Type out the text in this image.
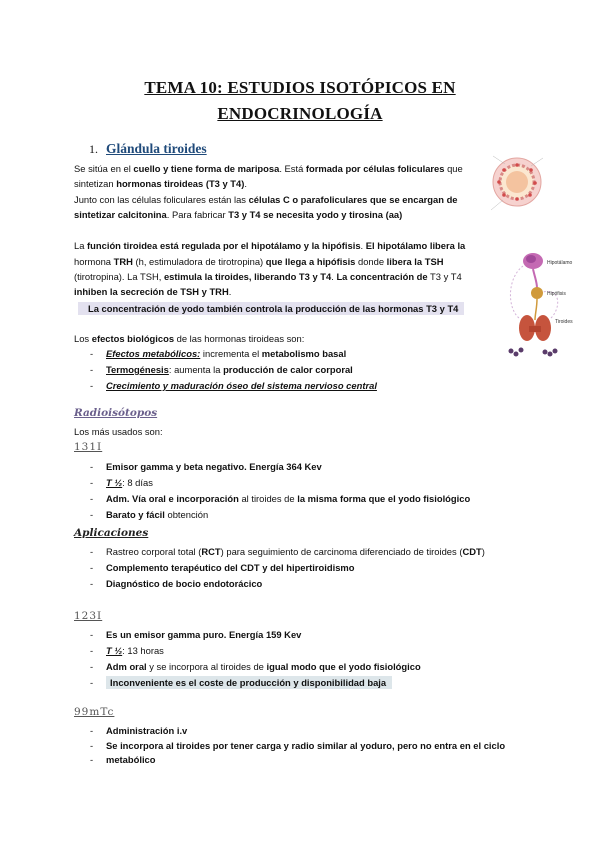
TEMA 10: ESTUDIOS ISOTÓPICOS EN
ENDOCRINOLOGÍA
1. Glándula tiroides

Se sitúa en el cuello y tiene forma de mariposa. Está formada por células foliculares que

sintetizan hormonas tiroideas (T3 y T4).

Junto con las células foliculares están las células C o parafoliculares que se encargan de

sintetizar calcitonina. Para fabricar T3 y T4 se necesita yodo y tirosina (aa)

La función tiroidea está regulada por el hipotálamo y la hipófisis. El hipotálamo libera la

hormona TRH (h, estimuladora de tirotropina) que llega a hipófisis donde libera la TSH

(tirotropina). La TSH, estimula la tiroides, liberando T3 y T4. La concentración de T3 y T4

inhiben la secreción de TSH y TRH.

La concentración de yodo también controla la producción de las hormonas T3 y T4

Los efectos biológicos de las hormonas tiroideas son:

- Efectos metabólicos: incrementa el metabolismo basal
- Termogénesis: aumenta la producción de calor corporal
- Crecimiento y maduración óseo del sistema nervioso central
Radioisótopos

Los más usados son:

131I
- Emisor gamma y beta negativo. Energía 364 Kev
- T ½: 8 días
- Adm. Vía oral e incorporación al tiroides de la misma forma que el yodo fisiológico
- Barato y fácil obtención
Aplicaciones
- Rastreo corporal total (RCT) para seguimiento de carcinoma diferenciado de tiroides (CDT)
- Complemento terapéutico del CDT y del hipertiroidismo
- Diagnóstico de bocio endotorácico
123I
- Es un emisor gamma puro. Energía 159 Kev
- T ½: 13 horas
- Adm oral y se incorpora al tiroides de igual modo que el yodo fisiológico
- Inconveniente es el coste de producción y disponibilidad baja
99mTc
- Administración i.v
- Se incorpora al tiroides por tener carga y radio similar al yoduro, pero no entra en el ciclo
- metabólico
Hipotálamo
Hipófisis
Tiroides
